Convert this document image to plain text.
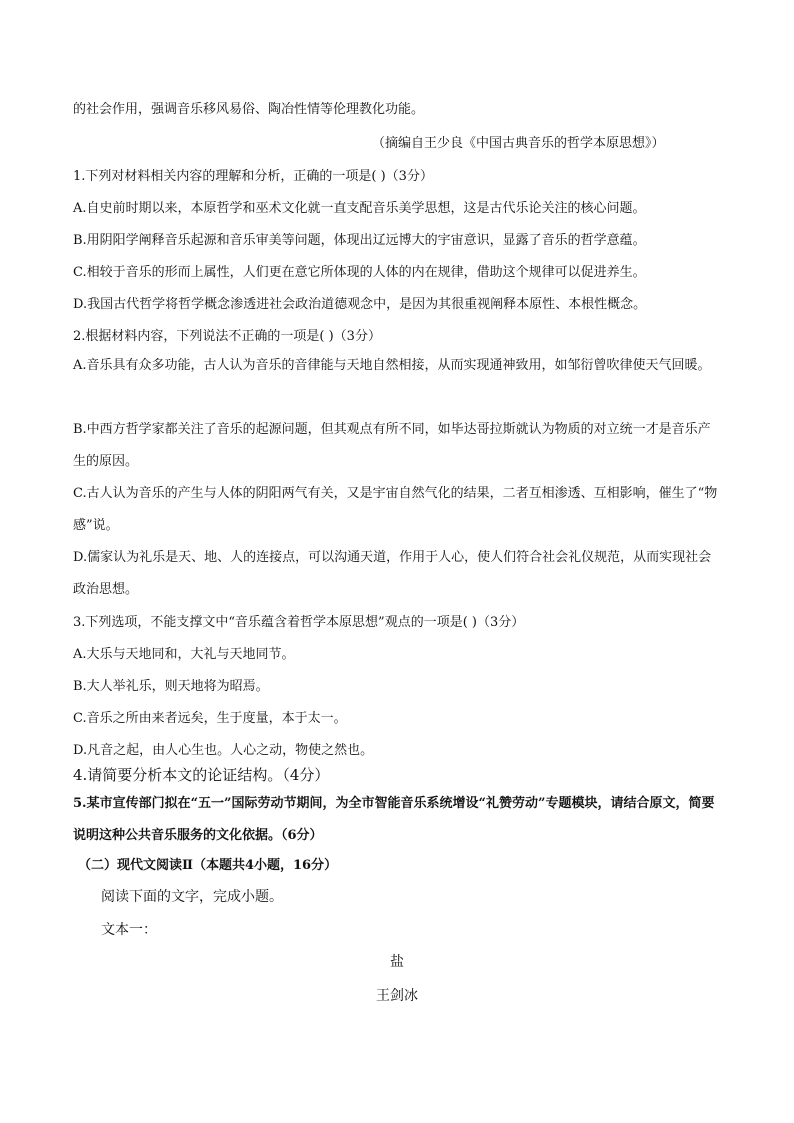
的社会作用，强调音乐移风易俗、陶冶性情等伦理教化功能。
（摘编自王少良《中国古典音乐的哲学本原思想》）
1.下列对材料相关内容的理解和分析，正确的一项是( )（3分）
A.自史前时期以来，本原哲学和巫术文化就一直支配音乐美学思想，这是古代乐论关注的核心问题。
B.用阴阳学阐释音乐起源和音乐审美等问题，体现出辽远博大的宇宙意识，显露了音乐的哲学意蕴。
C.相较于音乐的形而上属性，人们更在意它所体现的人体的内在规律，借助这个规律可以促进养生。
D.我国古代哲学将哲学概念渗透进社会政治道德观念中，是因为其很重视阐释本原性、本根性概念。
2.根据材料内容，下列说法不正确的一项是( )（3分）
A.音乐具有众多功能，古人认为音乐的音律能与天地自然相接，从而实现通神致用，如邹衍曾吹律使天气回暖。
B.中西方哲学家都关注了音乐的起源问题，但其观点有所不同，如毕达哥拉斯就认为物质的对立统一才是音乐产生的原因。
C.古人认为音乐的产生与人体的阴阳两气有关，又是宇宙自然气化的结果，二者互相渗透、互相影响，催生了“物感”说。
D.儒家认为礼乐是天、地、人的连接点，可以沟通天道，作用于人心，使人们符合社会礼仪规范，从而实现社会政治思想。
3.下列选项，不能支撑文中“音乐蕴含着哲学本原思想”观点的一项是( )（3分）
A.大乐与天地同和，大礼与天地同节。
B.大人举礼乐，则天地将为昭焉。
C.音乐之所由来者远矣，生于度量，本于太一。
D.凡音之起，由人心生也。人心之动，物使之然也。
4.请简要分析本文的论证结构。（4分）
5.某市宣传部门拟在“五一”国际劳动节期间，为全市智能音乐系统增设“礼赞劳动”专题模块，请结合原文，简要说明这种公共音乐服务的文化依据。（6分）
（二）现代文阅读Ⅱ（本题共4小题，16分）
阅读下面的文字，完成小题。
文本一：
盐
王剑冰
